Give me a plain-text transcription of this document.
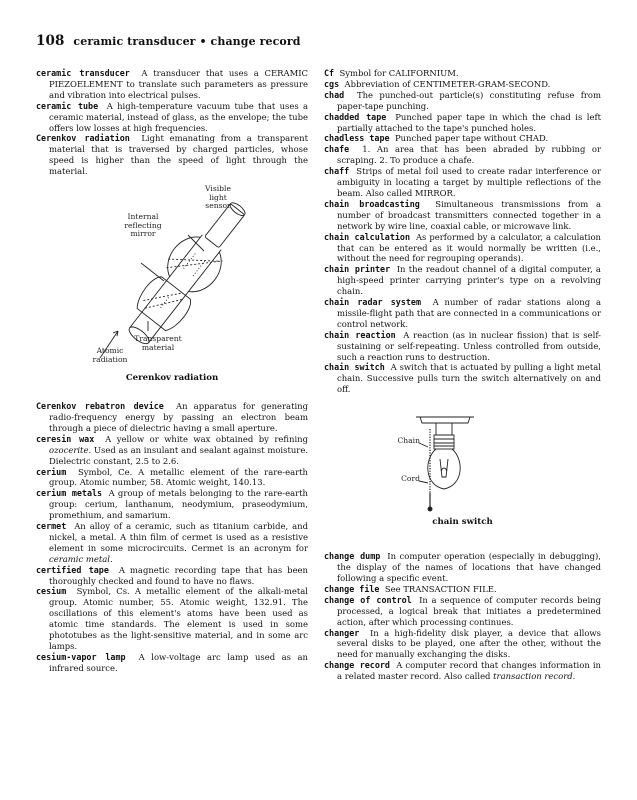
108 ceramic transducer • change record

ceramic transducer A transducer that uses a CERAMIC PIEZOELEMENT to translate such parameters as pressure and vibration into electrical pulses.

ceramic tube A high-temperature vacuum tube that uses a ceramic material, instead of glass, as the envelope; the tube offers low losses at high frequencies.

Cerenkov radiation Light emanating from a transparent material that is traversed by charged particles, whose speed is higher than the speed of light through the material.

Visible light sensor
Internal reflecting mirror
Transparent material
Atomic radiation
Cerenkov radiation

Cerenkov rebatron device An apparatus for generating radio-frequency energy by passing an electron beam through a piece of dielectric having a small aperture.

ceresin wax A yellow or white wax obtained by refining ozocerite. Used as an insulant and sealant against moisture. Dielectric constant, 2.5 to 2.6.

cerium Symbol, Ce. A metallic element of the rare-earth group. Atomic number, 58. Atomic weight, 140.13.

cerium metals A group of metals belonging to the rare-earth group: cerium, lanthanum, neodymium, praseodymium, promethium, and samarium.

cermet An alloy of a ceramic, such as titanium carbide, and nickel, a metal. A thin film of cermet is used as a resistive element in some microcircuits. Cermet is an acronym for ceramic metal.

certified tape A magnetic recording tape that has been thoroughly checked and found to have no flaws.

cesium Symbol, Cs. A metallic element of the alkali-metal group. Atomic number, 55. Atomic weight, 132.91. The oscillations of this element's atoms have been used as atomic time standards. The element is used in some phototubes as the light-sensitive material, and in some arc lamps.

cesium-vapor lamp A low-voltage arc lamp used as an infrared source.

Cf Symbol for CALIFORNIUM.

cgs Abbreviation of CENTIMETER-GRAM-SECOND.

chad The punched-out particle(s) constituting refuse from paper-tape punching.

chadded tape Punched paper tape in which the chad is left partially attached to the tape's punched holes.

chadless tape Punched paper tape without CHAD.

chafe 1. An area that has been abraded by rubbing or scraping. 2. To produce a chafe.

chaff Strips of metal foil used to create radar interference or ambiguity in locating a target by multiple reflections of the beam. Also called MIRROR.

chain broadcasting Simultaneous transmissions from a number of broadcast transmitters connected together in a network by wire line, coaxial cable, or microwave link.

chain calculation As performed by a calculator, a calculation that can be entered as it would normally be written (i.e., without the need for regrouping operands).

chain printer In the readout channel of a digital computer, a high-speed printer carrying printer's type on a revolving chain.

chain radar system A number of radar stations along a missile-flight path that are connected in a communications or control network.

chain reaction A reaction (as in nuclear fission) that is self-sustaining or self-repeating. Unless controlled from outside, such a reaction runs to destruction.

chain switch A switch that is actuated by pulling a light metal chain. Successive pulls turn the switch alternatively on and off.

Chain
Cord
chain switch

change dump In computer operation (especially in debugging), the display of the names of locations that have changed following a specific event.

change file See TRANSACTION FILE.

change of control In a sequence of computer records being processed, a logical break that initiates a predetermined action, after which processing continues.

changer In a high-fidelity disk player, a device that allows several disks to be played, one after the other, without the need for manually exchanging the disks.

change record A computer record that changes information in a related master record. Also called transaction record.
